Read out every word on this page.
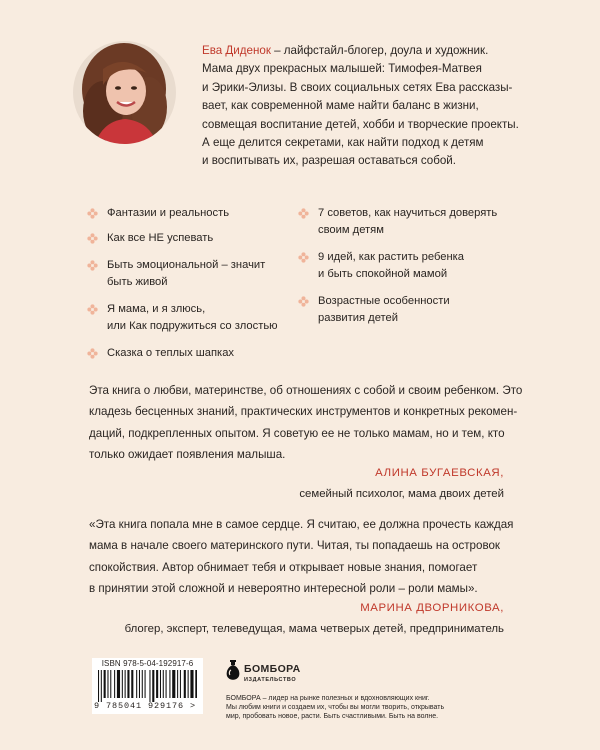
Ева Диденок – лайфстайл-блогер, доула и художник.
Мама двух прекрасных малышей: Тимофея-Матвея
и Эрики-Элизы. В своих социальных сетях Ева рассказы-
вает, как современной маме найти баланс в жизни,
совмещая воспитание детей, хобби и творческие проекты.
А еще делится секретами, как найти подход к детям
и воспитывать их, разрешая оставаться собой.
Фантазии и реальность
Как все НЕ успевать
Быть эмоциональной – значит
быть живой
Я мама, и я злюсь,
или Как подружиться со злостью
Сказка о теплых шапках
7 советов, как научиться доверять
своим детям
9 идей, как растить ребенка
и быть спокойной мамой
Возрастные особенности
развития детей
Эта книга о любви, материнстве, об отношениях с собой и своим ребенком. Это
кладезь бесценных знаний, практических инструментов и конкретных рекомен-
даций, подкрепленных опытом. Я советую ее не только мамам, но и тем, кто
только ожидает появления малыша.
АЛИНА БУГАЕВСКАЯ,
семейный психолог, мама двоих детей
«Эта книга попала мне в самое сердце. Я считаю, ее должна прочесть каждая
мама в начале своего материнского пути. Читая, ты попадаешь на островок
спокойствия. Автор обнимает тебя и открывает новые знания, помогает
в принятии этой сложной и невероятно интересной роли – роли мамы».
МАРИНА ДВОРНИКОВА,
блогер, эксперт, телеведущая, мама четверых детей, предприниматель
ISBN 978-5-04-192917-6
9 785041 929176 >
БОМБОРА
ИЗДАТЕЛЬСТВО
БОМБОРА – лидер на рынке полезных и вдохновляющих книг.
Мы любим книги и создаем их, чтобы вы могли творить, открывать
мир, пробовать новое, расти. Быть счастливыми. Быть на волне.
